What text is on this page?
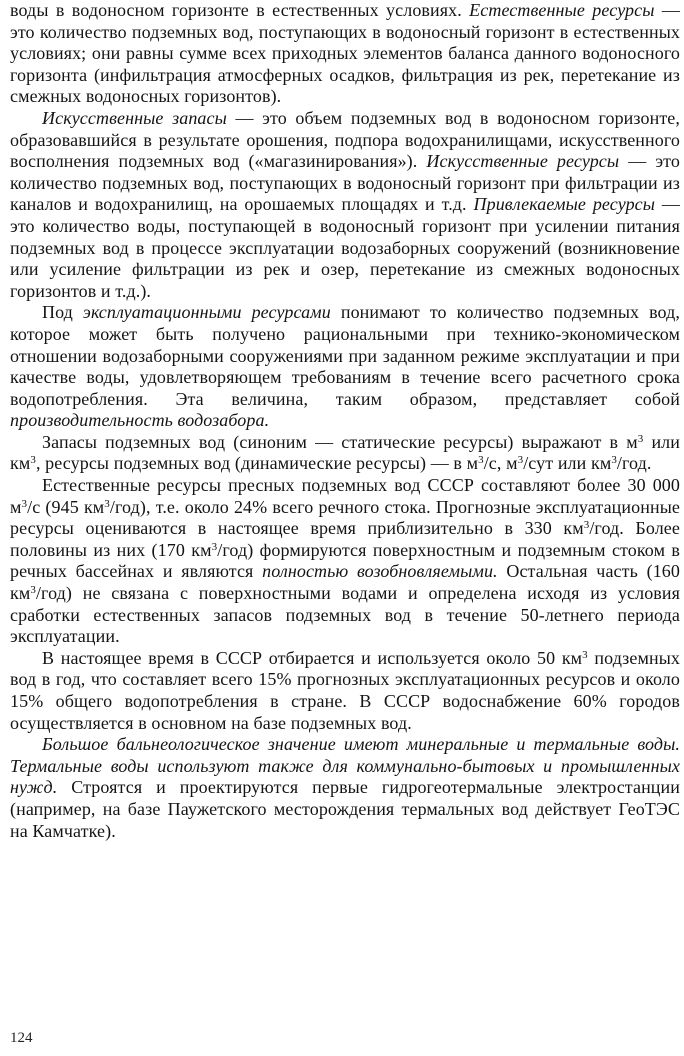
воды в водоносном горизонте в естественных условиях. Естественные ресурсы — это количество подземных вод, поступающих в водоносный горизонт в естественных условиях; они равны сумме всех приходных элементов баланса данного водоносного горизонта (инфильтрация атмосферных осадков, фильтрация из рек, перетекание из смежных водоносных горизонтов).

Искусственные запасы — это объем подземных вод в водоносном горизонте, образовавшийся в результате орошения, подпора водохранилищами, искусственного восполнения подземных вод («магазинирования»). Искусственные ресурсы — это количество подземных вод, поступающих в водоносный горизонт при фильтрации из каналов и водохранилищ, на орошаемых площадях и т.д. Привлекаемые ресурсы — это количество воды, поступающей в водоносный горизонт при усилении питания подземных вод в процессе эксплуатации водозаборных сооружений (возникновение или усиление фильтрации из рек и озер, перетекание из смежных водоносных горизонтов и т.д.).

Под эксплуатационными ресурсами понимают то количество подземных вод, которое может быть получено рациональными при технико-экономическом отношении водозаборными сооружениями при заданном режиме эксплуатации и при качестве воды, удовлетворяющем требованиям в течение всего расчетного срока водопотребления. Эта величина, таким образом, представляет собой производительность водозабора.

Запасы подземных вод (синоним — статические ресурсы) выражают в $м^3$ или $км^3$, ресурсы подземных вод (динамические ресурсы) — в $м^3/с$, $м^3$/сут или $км^3$/год.

Естественные ресурсы пресных подземных вод СССР составляют более 30 000 $м^3/с$ (945 $км^3/год$), т.е. около 24% всего речного стока. Прогнозные эксплуатационные ресурсы оцениваются в настоящее время приблизительно в 330 $км^3$/год. Более половины из них (170 $км^3/год$) формируются поверхностным и подземным стоком в речных бассейнах и являются полностью возобновляемыми. Остальная часть (160 $км^3/год$) не связана с поверхностными водами и определена исходя из условия сработки естественных запасов подземных вод в течение 50-летнего периода эксплуатации.

В настоящее время в СССР отбирается и используется около 50 $км^3$ подземных вод в год, что составляет всего 15% прогнозных эксплуатационных ресурсов и около 15% общего водопотребления в стране. В СССР водоснабжение 60% городов осуществляется в основном на базе подземных вод.

Большое бальнеологическое значение имеют минеральные и термальные воды. Термальные воды используют также для коммунально-бытовых и промышленных нужд. Строятся и проектируются первые гидрогеотермальные электростанции (например, на базе Паужетского месторождения термальных вод действует ГеоТЭС на Камчатке).

124
